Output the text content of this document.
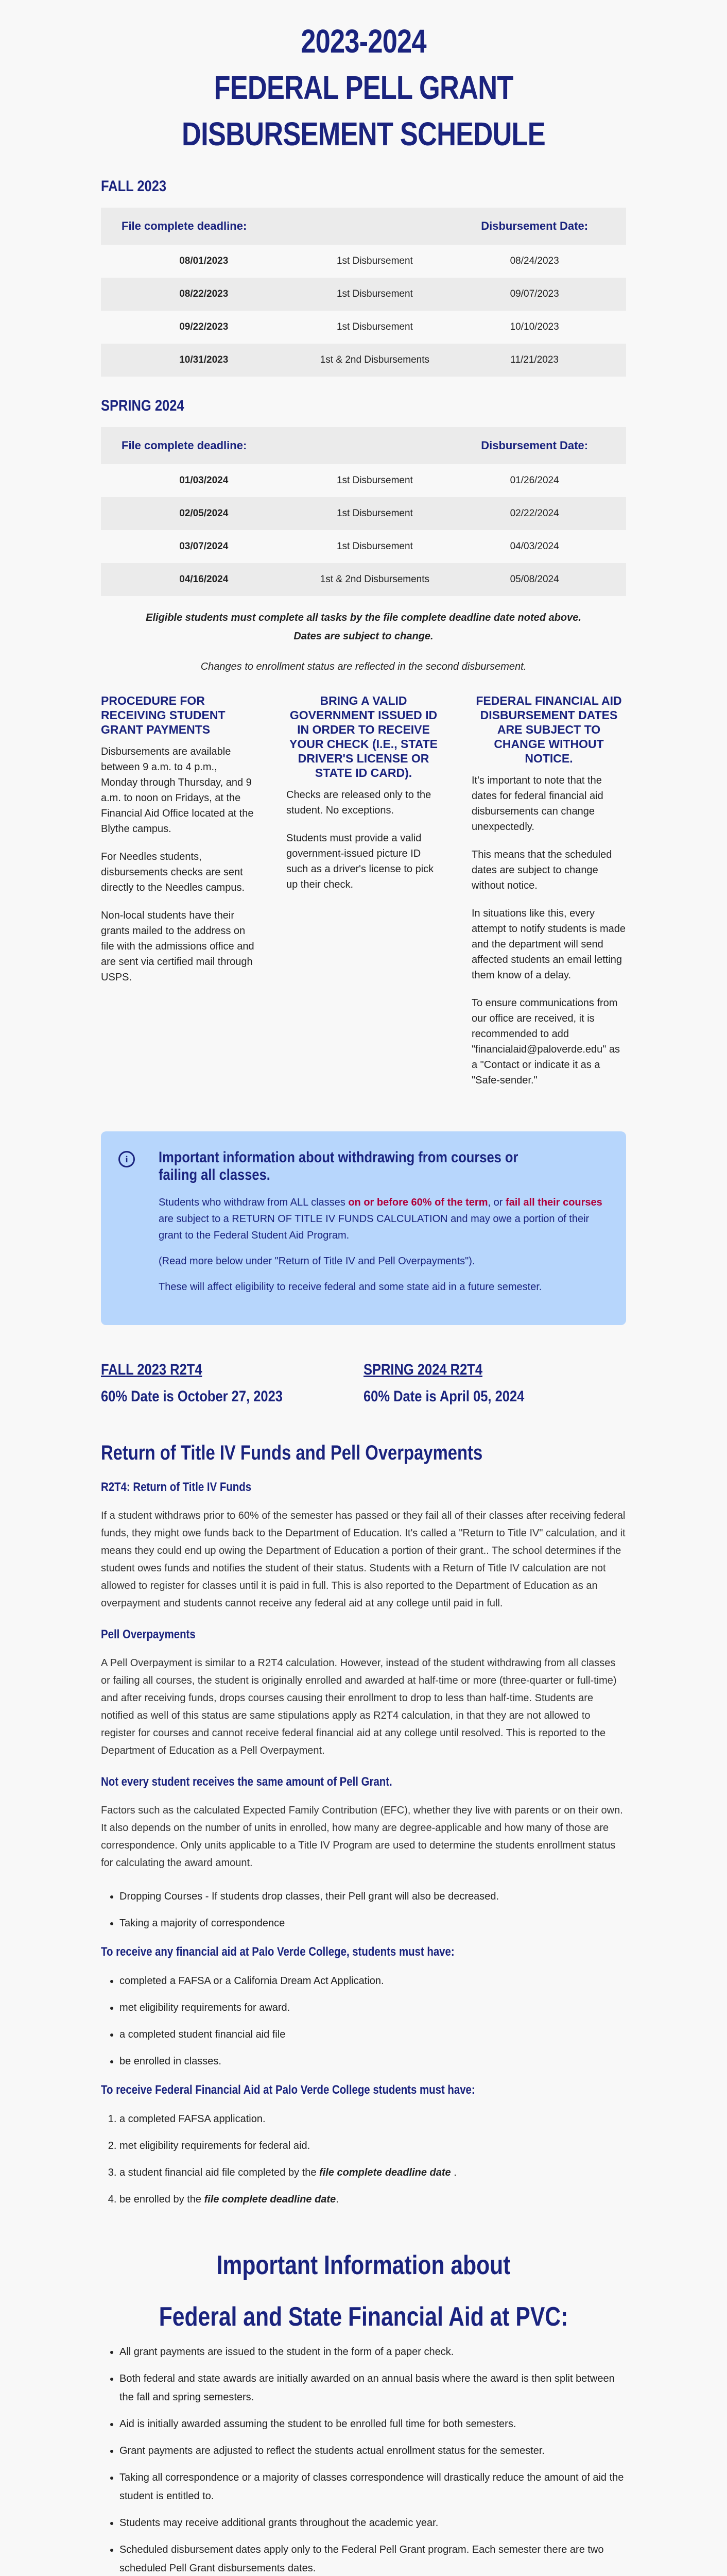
2023-2024
FEDERAL PELL GRANT
DISBURSEMENT SCHEDULE
FALL 2023
File complete deadline:		Disbursement Date:
08/01/2023	1st Disbursement	08/24/2023
08/22/2023	1st Disbursement	09/07/2023
09/22/2023	1st Disbursement	10/10/2023
10/31/2023	1st & 2nd Disbursements	11/21/2023
SPRING 2024
File complete deadline:		Disbursement Date:
01/03/2024	1st Disbursement	01/26/2024
02/05/2024	1st Disbursement	02/22/2024
03/07/2024	1st Disbursement	04/03/2024
04/16/2024	1st & 2nd Disbursements	05/08/2024
Eligible students must complete all tasks by the file complete deadline date noted above.
Dates are subject to change.
Changes to enrollment status are reflected in the second disbursement.
PROCEDURE FOR RECEIVING STUDENT GRANT PAYMENTS

Disbursements are available between 9 a.m. to 4 p.m., Monday through Thursday, and 9 a.m. to noon on Fridays, at the Financial Aid Office located at the Blythe campus.

For Needles students, disbursements checks are sent directly to the Needles campus.

Non-local students have their grants mailed to the address on file with the admissions office and are sent via certified mail through USPS.

BRING A VALID GOVERNMENT ISSUED ID IN ORDER TO RECEIVE YOUR CHECK (I.E., STATE DRIVER'S LICENSE OR STATE ID CARD).

Checks are released only to the student. No exceptions.

Students must provide a valid government-issued picture ID such as a driver's license to pick up their check.

FEDERAL FINANCIAL AID DISBURSEMENT DATES ARE SUBJECT TO CHANGE WITHOUT NOTICE.

It's important to note that the dates for federal financial aid disbursements can change unexpectedly.

This means that the scheduled dates are subject to change without notice.

In situations like this, every attempt to notify students is made and the department will send affected students an email letting them know of a delay.

To ensure communications from our office are received, it is recommended to add "financialaid@paloverde.edu" as a "Contact or indicate it as a "Safe-sender."

i	Important information about withdrawing from courses or failing all classes.

Students who withdraw from ALL classes on or before 60% of the term, or fail all their courses are subject to a RETURN OF TITLE IV FUNDS CALCULATION and may owe a portion of their grant to the Federal Student Aid Program.

(Read more below under "Return of Title IV and Pell Overpayments").

These will affect eligibility to receive federal and some state aid in a future semester.

FALL 2023 R2T4
60% Date is October 27, 2023
SPRING 2024 R2T4
60% Date is April 05, 2024
Return of Title IV Funds and Pell Overpayments
R2T4: Return of Title IV Funds

If a student withdraws prior to 60% of the semester has passed or they fail all of their classes after receiving federal funds, they might owe funds back to the Department of Education. It's called a "Return to Title IV" calculation, and it means they could end up owing the Department of Education a portion of their grant.. The school determines if the student owes funds and notifies the student of their status. Students with a Return of Title IV calculation are not allowed to register for classes until it is paid in full. This is also reported to the Department of Education as an overpayment and students cannot receive any federal aid at any college until paid in full.

Pell Overpayments

A Pell Overpayment is similar to a R2T4 calculation. However, instead of the student withdrawing from all classes or failing all courses, the student is originally enrolled and awarded at half-time or more (three-quarter or full-time) and after receiving funds, drops courses causing their enrollment to drop to less than half-time. Students are notified as well of this status are same stipulations apply as R2T4 calculation, in that they are not allowed to register for courses and cannot receive federal financial aid at any college until resolved. This is reported to the Department of Education as a Pell Overpayment.

Not every student receives the same amount of Pell Grant.

Factors such as the calculated Expected Family Contribution (EFC), whether they live with parents or on their own. It also depends on the number of units in enrolled, how many are degree-applicable and how many of those are correspondence. Only units applicable to a Title IV Program are used to determine the students enrollment status for calculating the award amount.

• Dropping Courses - If students drop classes, their Pell grant will also be decreased.
• Taking a majority of correspondence
To receive any financial aid at Palo Verde College, students must have:
• completed a FAFSA or a California Dream Act Application.
• met eligibility requirements for award.
• a completed student financial aid file
• be enrolled in classes.
To receive Federal Financial Aid at Palo Verde College students must have:
1. a completed FAFSA application.
2. met eligibility requirements for federal aid.
3. a student financial aid file completed by the file complete deadline date .
4. be enrolled by the file complete deadline date.
Important Information about
Federal and State Financial Aid at PVC:
• All grant payments are issued to the student in the form of a paper check.
• Both federal and state awards are initially awarded on an annual basis where the award is then split between the fall and spring semesters.
• Aid is initially awarded assuming the student to be enrolled full time for both semesters.
• Grant payments are adjusted to reflect the students actual enrollment status for the semester.
• Taking all correspondence or a majority of classes correspondence will drastically reduce the amount of aid the student is entitled to.
• Students may receive additional grants throughout the academic year.
• Scheduled disbursement dates apply only to the Federal Pell Grant program. Each semester there are two scheduled Pell Grant disbursements dates.
